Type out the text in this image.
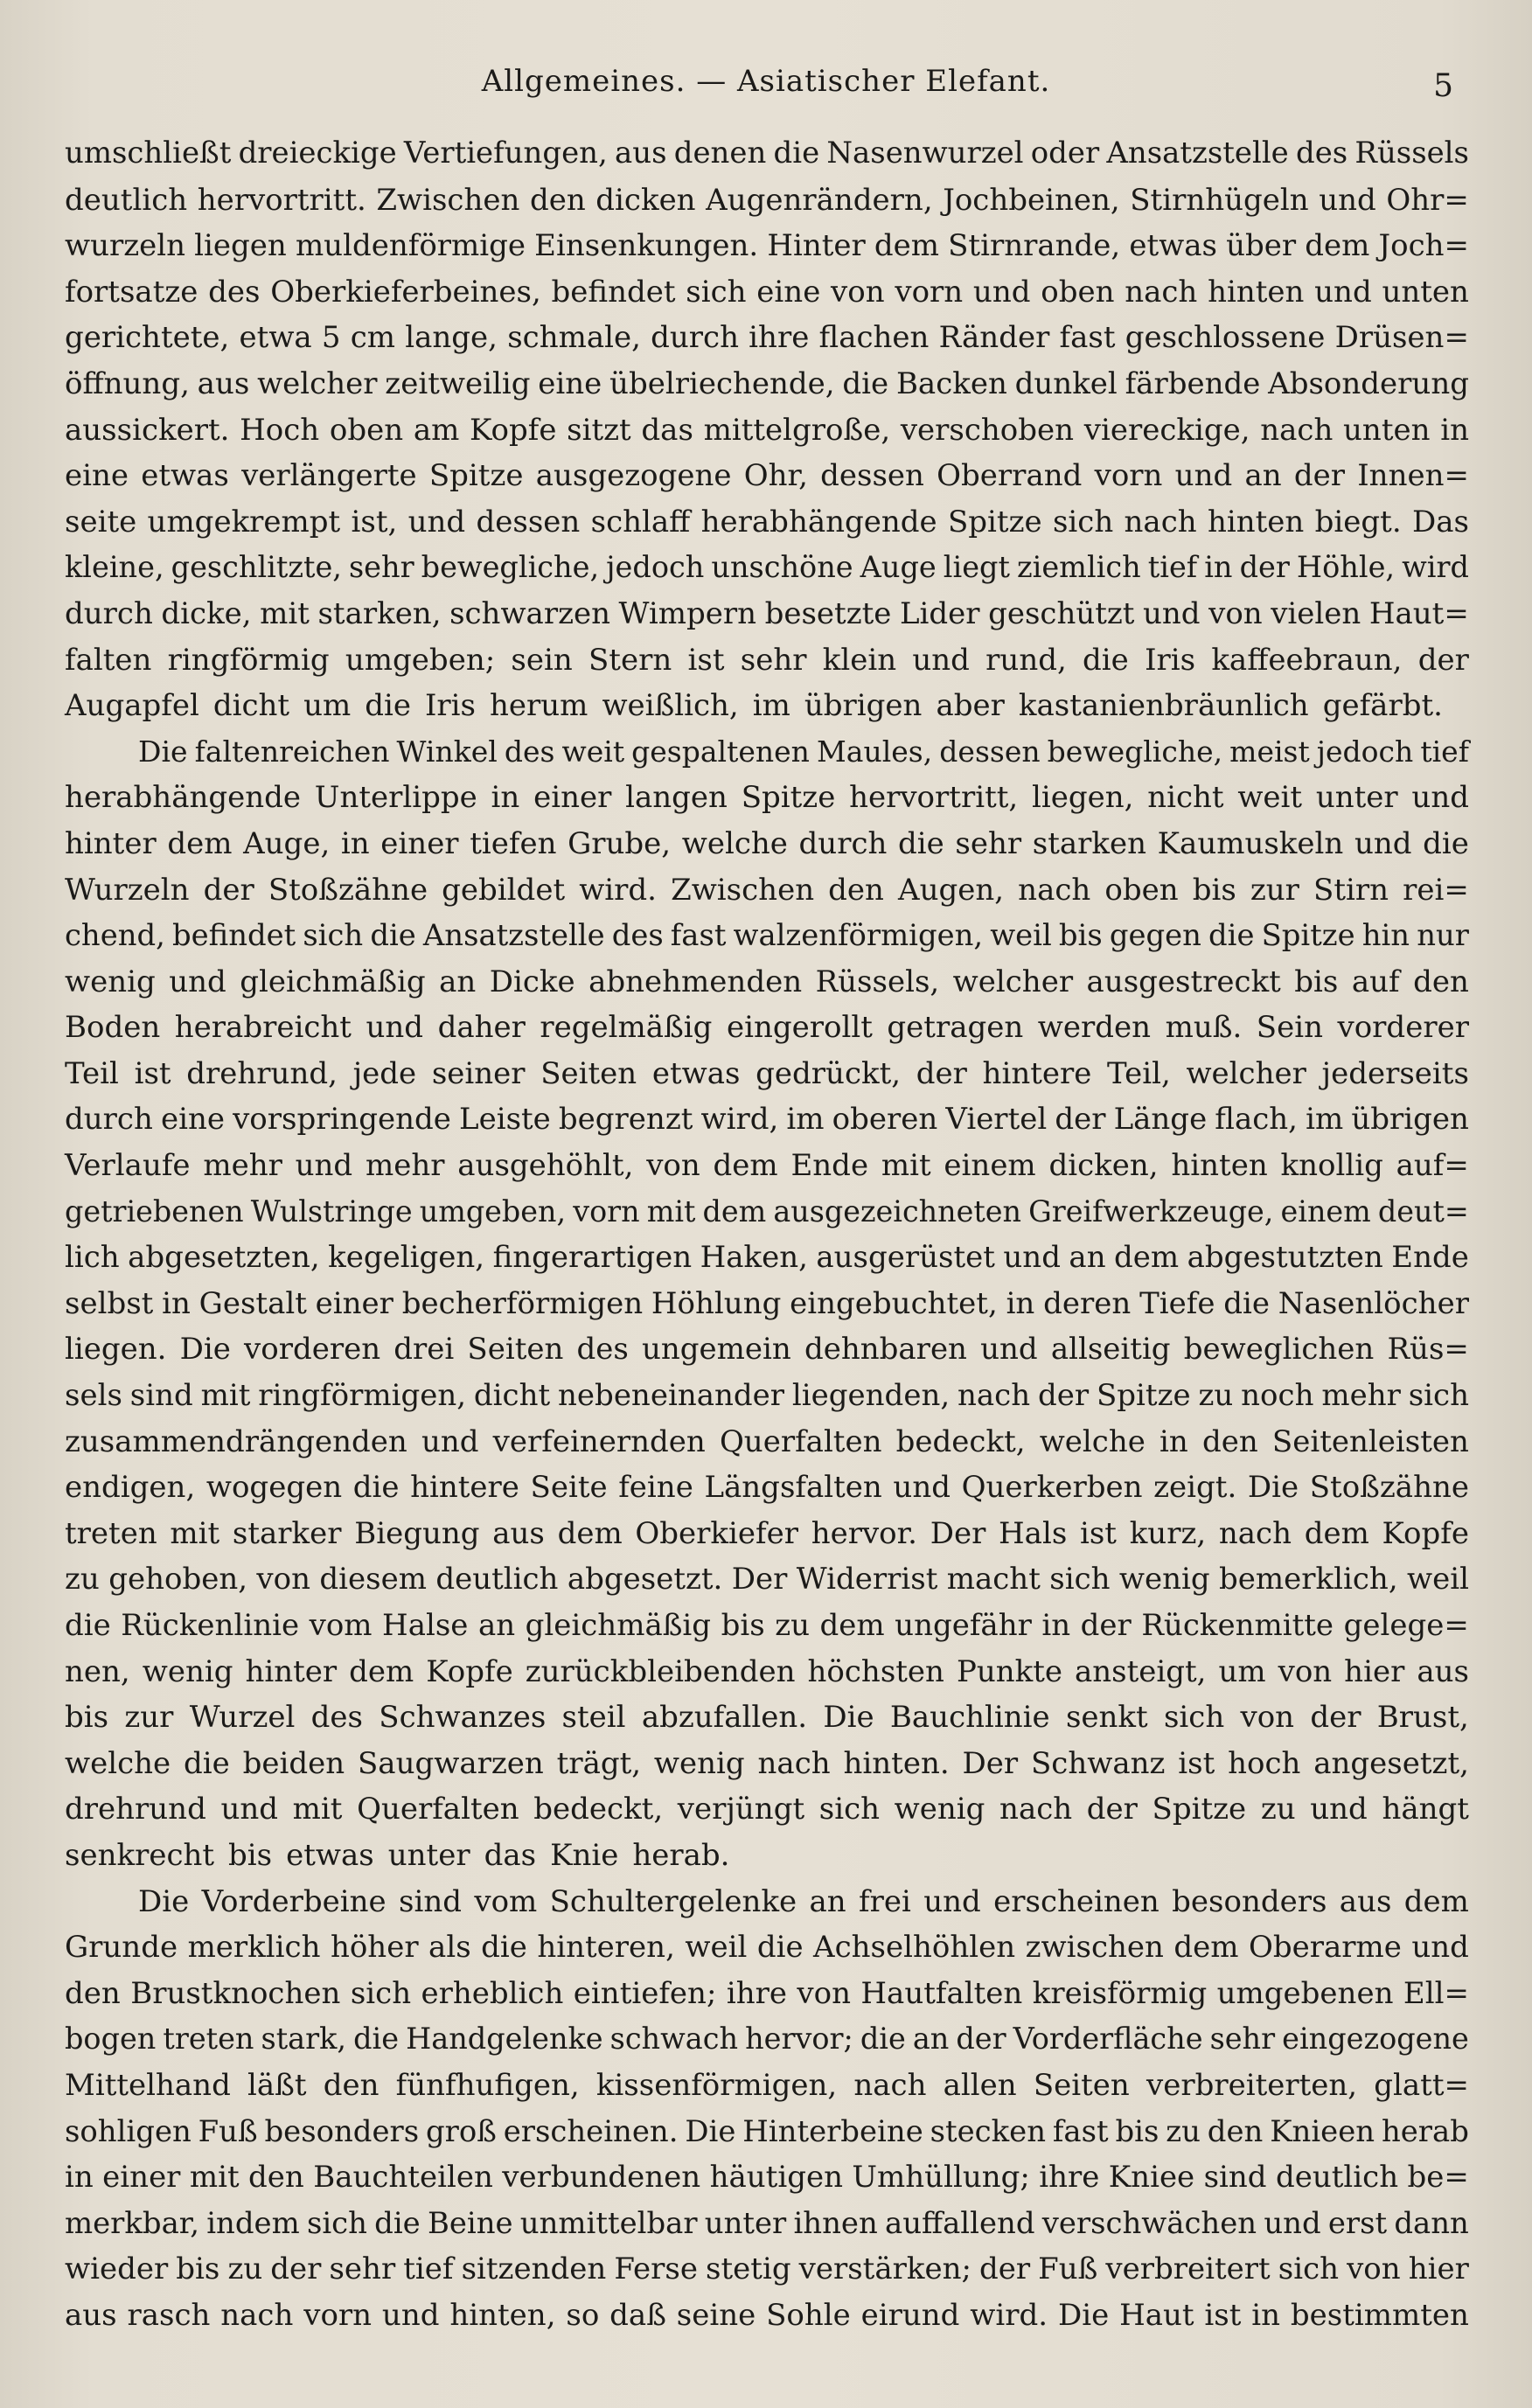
Allgemeines. — Asiatischer Elefant.	5
umschließt dreieckige Vertiefungen, aus denen die Nasenwurzel oder Ansatzstelle des Rüssels
deutlich hervortritt. Zwischen den dicken Augenrändern, Jochbeinen, Stirnhügeln und Ohr=
wurzeln liegen muldenförmige Einsenkungen. Hinter dem Stirnrande, etwas über dem Joch=
fortsatze des Oberkieferbeines, befindet sich eine von vorn und oben nach hinten und unten
gerichtete, etwa 5 cm lange, schmale, durch ihre flachen Ränder fast geschlossene Drüsen=
öffnung, aus welcher zeitweilig eine übelriechende, die Backen dunkel färbende Absonderung
aussickert. Hoch oben am Kopfe sitzt das mittelgroße, verschoben viereckige, nach unten in
eine etwas verlängerte Spitze ausgezogene Ohr, dessen Oberrand vorn und an der Innen=
seite umgekrempt ist, und dessen schlaff herabhängende Spitze sich nach hinten biegt. Das
kleine, geschlitzte, sehr bewegliche, jedoch unschöne Auge liegt ziemlich tief in der Höhle, wird
durch dicke, mit starken, schwarzen Wimpern besetzte Lider geschützt und von vielen Haut=
falten ringförmig umgeben; sein Stern ist sehr klein und rund, die Iris kaffeebraun, der
Augapfel dicht um die Iris herum weißlich, im übrigen aber kastanienbräunlich gefärbt.
Die faltenreichen Winkel des weit gespaltenen Maules, dessen bewegliche, meist jedoch tief
herabhängende Unterlippe in einer langen Spitze hervortritt, liegen, nicht weit unter und
hinter dem Auge, in einer tiefen Grube, welche durch die sehr starken Kaumuskeln und die
Wurzeln der Stoßzähne gebildet wird. Zwischen den Augen, nach oben bis zur Stirn rei=
chend, befindet sich die Ansatzstelle des fast walzenförmigen, weil bis gegen die Spitze hin nur
wenig und gleichmäßig an Dicke abnehmenden Rüssels, welcher ausgestreckt bis auf den
Boden herabreicht und daher regelmäßig eingerollt getragen werden muß. Sein vorderer
Teil ist drehrund, jede seiner Seiten etwas gedrückt, der hintere Teil, welcher jederseits
durch eine vorspringende Leiste begrenzt wird, im oberen Viertel der Länge flach, im übrigen
Verlaufe mehr und mehr ausgehöhlt, von dem Ende mit einem dicken, hinten knollig auf=
getriebenen Wulstringe umgeben, vorn mit dem ausgezeichneten Greifwerkzeuge, einem deut=
lich abgesetzten, kegeligen, fingerartigen Haken, ausgerüstet und an dem abgestutzten Ende
selbst in Gestalt einer becherförmigen Höhlung eingebuchtet, in deren Tiefe die Nasenlöcher
liegen. Die vorderen drei Seiten des ungemein dehnbaren und allseitig beweglichen Rüs=
sels sind mit ringförmigen, dicht nebeneinander liegenden, nach der Spitze zu noch mehr sich
zusammendrängenden und verfeinernden Querfalten bedeckt, welche in den Seitenleisten
endigen, wogegen die hintere Seite feine Längsfalten und Querkerben zeigt. Die Stoßzähne
treten mit starker Biegung aus dem Oberkiefer hervor. Der Hals ist kurz, nach dem Kopfe
zu gehoben, von diesem deutlich abgesetzt. Der Widerrist macht sich wenig bemerklich, weil
die Rückenlinie vom Halse an gleichmäßig bis zu dem ungefähr in der Rückenmitte gelege=
nen, wenig hinter dem Kopfe zurückbleibenden höchsten Punkte ansteigt, um von hier aus
bis zur Wurzel des Schwanzes steil abzufallen. Die Bauchlinie senkt sich von der Brust,
welche die beiden Saugwarzen trägt, wenig nach hinten. Der Schwanz ist hoch angesetzt,
drehrund und mit Querfalten bedeckt, verjüngt sich wenig nach der Spitze zu und hängt
senkrecht bis etwas unter das Knie herab.
Die Vorderbeine sind vom Schultergelenke an frei und erscheinen besonders aus dem
Grunde merklich höher als die hinteren, weil die Achselhöhlen zwischen dem Oberarme und
den Brustknochen sich erheblich eintiefen; ihre von Hautfalten kreisförmig umgebenen Ell=
bogen treten stark, die Handgelenke schwach hervor; die an der Vorderfläche sehr eingezogene
Mittelhand läßt den fünfhufigen, kissenförmigen, nach allen Seiten verbreiterten, glatt=
sohligen Fuß besonders groß erscheinen. Die Hinterbeine stecken fast bis zu den Knieen herab
in einer mit den Bauchteilen verbundenen häutigen Umhüllung; ihre Kniee sind deutlich be=
merkbar, indem sich die Beine unmittelbar unter ihnen auffallend verschwächen und erst dann
wieder bis zu der sehr tief sitzenden Ferse stetig verstärken; der Fuß verbreitert sich von hier
aus rasch nach vorn und hinten, so daß seine Sohle eirund wird. Die Haut ist in bestimmten
